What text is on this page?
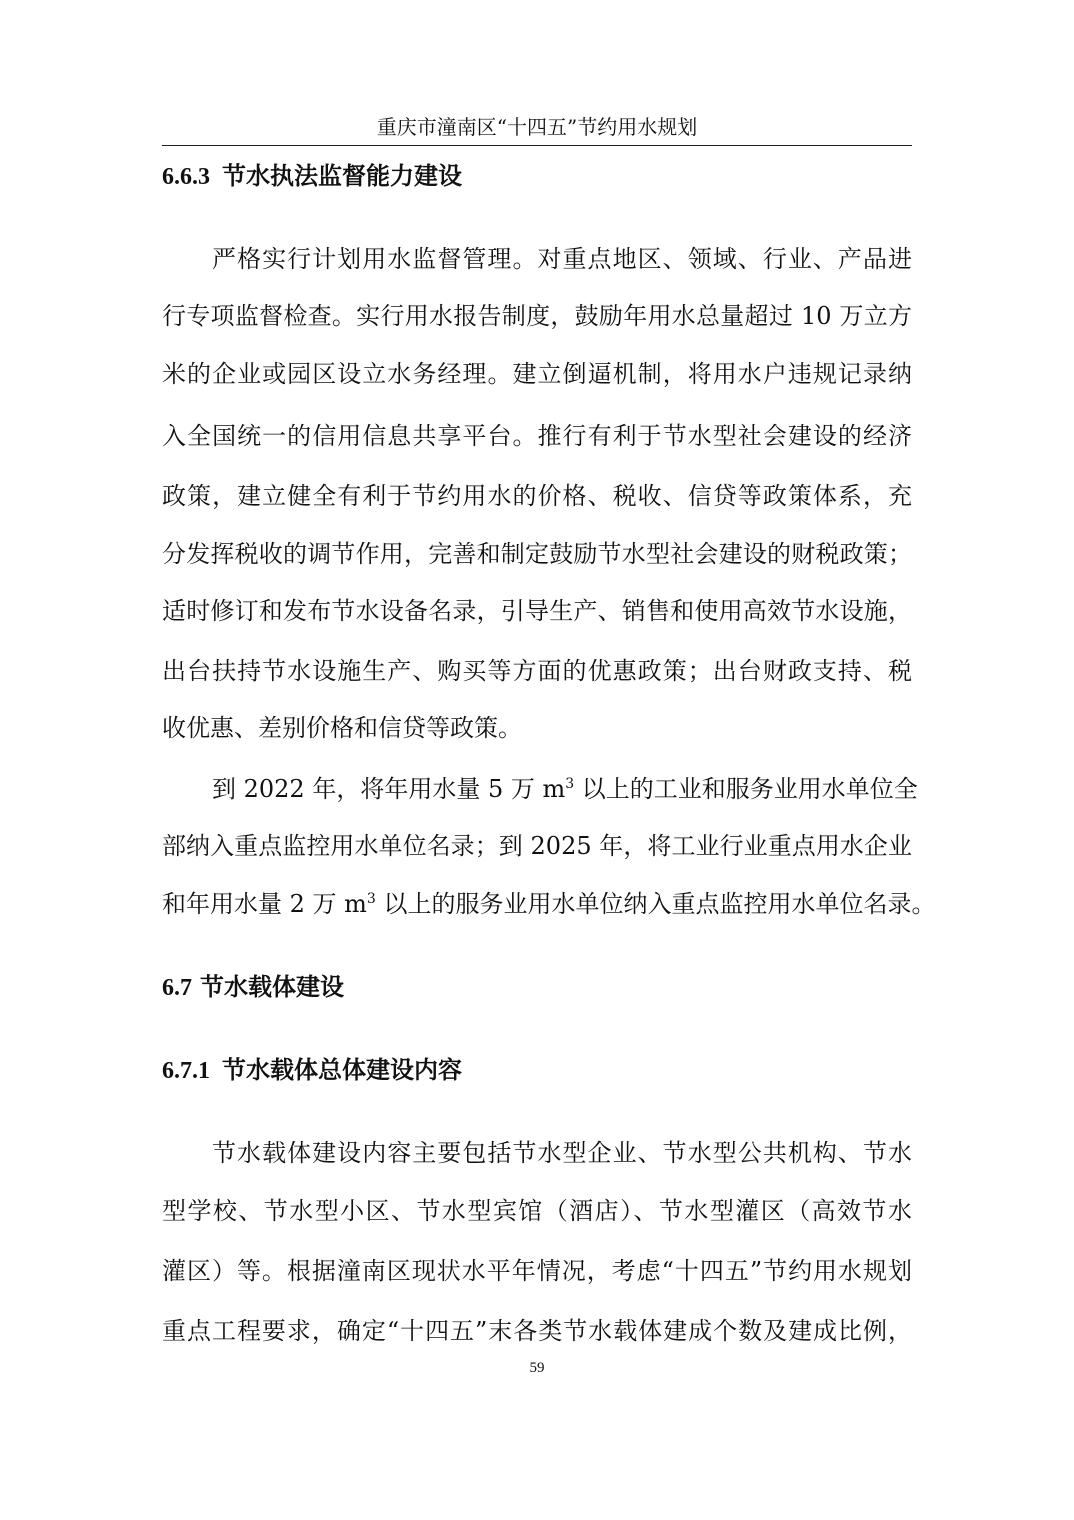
重庆市潼南区“十四五”节约用水规划
6.6.3 节水执法监督能力建设
严格实行计划用水监督管理。对重点地区、领域、行业、产品进
行专项监督检查。实行用水报告制度，鼓励年用水总量超过 10 万立方
米的企业或园区设立水务经理。建立倒逼机制，将用水户违规记录纳
入全国统一的信用信息共享平台。推行有利于节水型社会建设的经济
政策，建立健全有利于节约用水的价格、税收、信贷等政策体系，充
分发挥税收的调节作用，完善和制定鼓励节水型社会建设的财税政策；
适时修订和发布节水设备名录，引导生产、销售和使用高效节水设施，
出台扶持节水设施生产、购买等方面的优惠政策；出台财政支持、税
收优惠、差别价格和信贷等政策。
到 2022 年，将年用水量 5 万 $m^3$ 以上的工业和服务业用水单位全
部纳入重点监控用水单位名录；到 2025 年，将工业行业重点用水企业
和年用水量 2 万 $m^3$ 以上的服务业用水单位纳入重点监控用水单位名录。
6.7 节水载体建设
6.7.1 节水载体总体建设内容
节水载体建设内容主要包括节水型企业、节水型公共机构、节水
型学校、节水型小区、节水型宾馆（酒店）、节水型灌区（高效节水
灌区）等。根据潼南区现状水平年情况，考虑“十四五”节约用水规划
重点工程要求，确定“十四五”末各类节水载体建成个数及建成比例，
59
